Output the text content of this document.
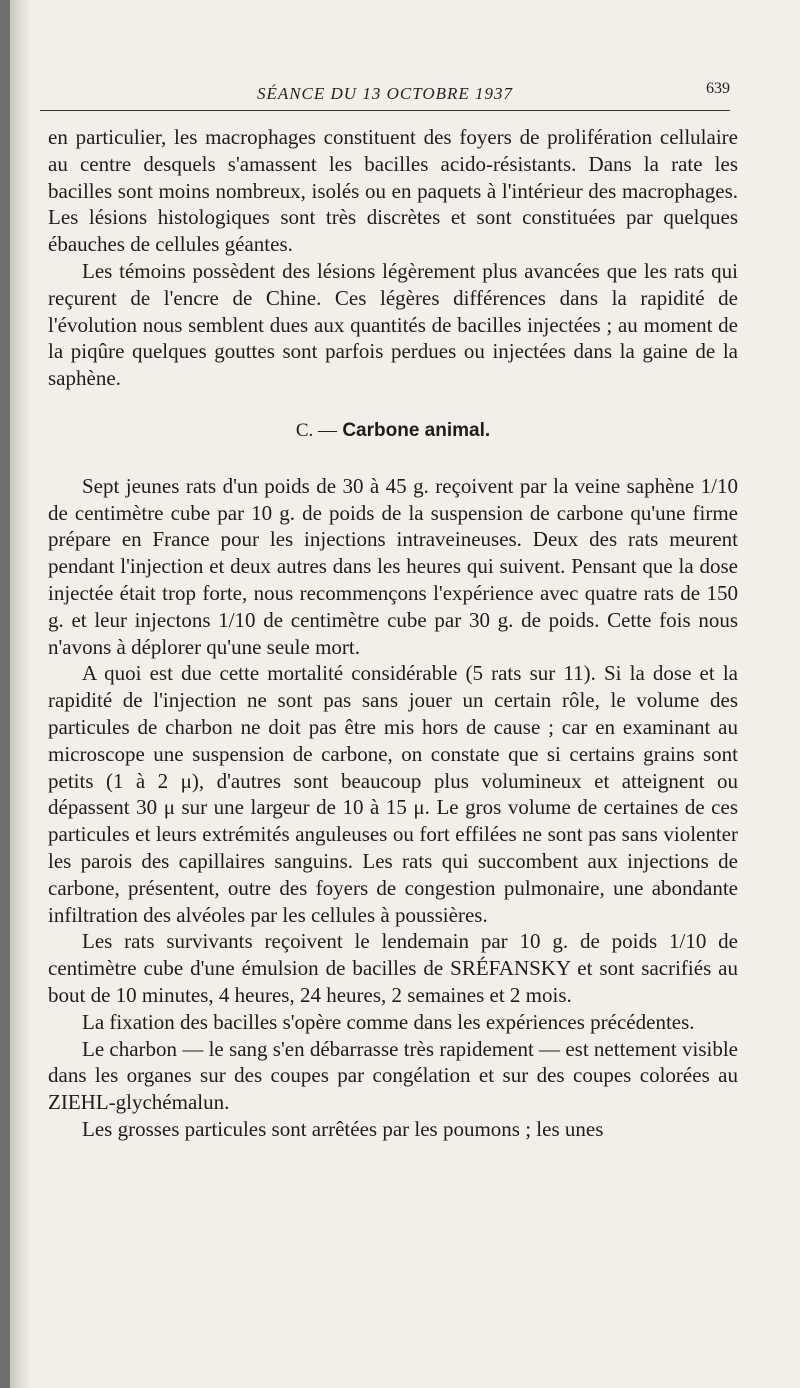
SÉANCE DU 13 OCTOBRE 1937	639

en particulier, les macrophages constituent des foyers de prolifération cellulaire au centre desquels s'amassent les bacilles acido-résistants. Dans la rate les bacilles sont moins nombreux, isolés ou en paquets à l'intérieur des macrophages. Les lésions histologiques sont très discrètes et sont constituées par quelques ébauches de cellules géantes.

Les témoins possèdent des lésions légèrement plus avancées que les rats qui reçurent de l'encre de Chine. Ces légères différences dans la rapidité de l'évolution nous semblent dues aux quantités de bacilles injectées ; au moment de la piqûre quelques gouttes sont parfois perdues ou injectées dans la gaine de la saphène.

C. — Carbone animal.

Sept jeunes rats d'un poids de 30 à 45 g. reçoivent par la veine saphène 1/10 de centimètre cube par 10 g. de poids de la suspension de carbone qu'une firme prépare en France pour les injections intraveineuses. Deux des rats meurent pendant l'injection et deux autres dans les heures qui suivent. Pensant que la dose injectée était trop forte, nous recommençons l'expérience avec quatre rats de 150 g. et leur injectons 1/10 de centimètre cube par 30 g. de poids. Cette fois nous n'avons à déplorer qu'une seule mort.

A quoi est due cette mortalité considérable (5 rats sur 11). Si la dose et la rapidité de l'injection ne sont pas sans jouer un certain rôle, le volume des particules de charbon ne doit pas être mis hors de cause ; car en examinant au microscope une suspension de carbone, on constate que si certains grains sont petits (1 à 2 μ), d'autres sont beaucoup plus volumineux et atteignent ou dépassent 30 μ sur une largeur de 10 à 15 μ. Le gros volume de certaines de ces particules et leurs extrémités anguleuses ou fort effilées ne sont pas sans violenter les parois des capillaires sanguins. Les rats qui succombent aux injections de carbone, présentent, outre des foyers de congestion pulmonaire, une abondante infiltration des alvéoles par les cellules à poussières.

Les rats survivants reçoivent le lendemain par 10 g. de poids 1/10 de centimètre cube d'une émulsion de bacilles de SRÉFANSKY et sont sacrifiés au bout de 10 minutes, 4 heures, 24 heures, 2 semaines et 2 mois.

La fixation des bacilles s'opère comme dans les expériences précédentes.

Le charbon — le sang s'en débarrasse très rapidement — est nettement visible dans les organes sur des coupes par congélation et sur des coupes colorées au ZIEHL-glychémalun.

Les grosses particules sont arrêtées par les poumons ; les unes
